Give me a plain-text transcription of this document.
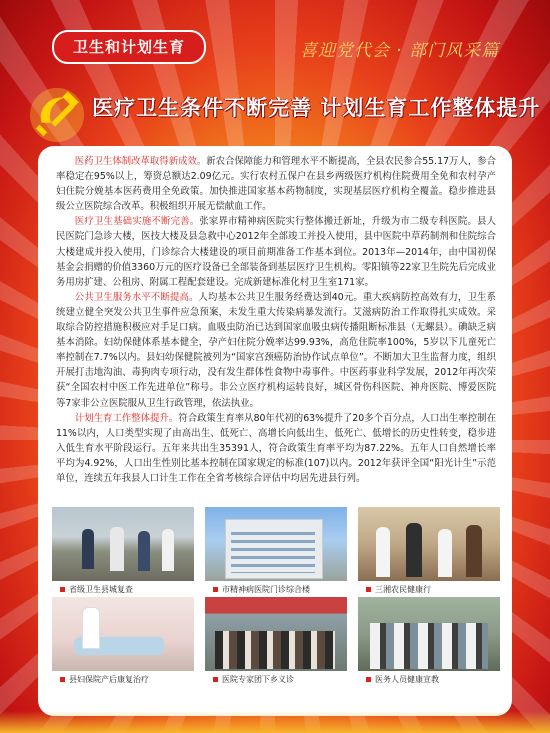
卫生和计划生育	喜迎党代会 · 部门风采篇
医疗卫生条件不断完善 计划生育工作整体提升

医药卫生体制改革取得新成效。新农合保障能力和管理水平不断提高，全县农民参合55.17万人，参合率稳定在95%以上，筹资总额达2.09亿元。实行农村五保户在县乡两级医疗机构住院费用全免和农村孕产妇住院分娩基本医药费用全免政策。加快推进国家基本药物制度，实现基层医疗机构全覆盖。稳步推进县级公立医院综合改革。积极组织开展无偿献血工作。

医疗卫生基础实施不断完善。张家界市精神病医院实行整体搬迁新址，升级为市二级专科医院。县人民医院门急诊大楼，医技大楼及县急救中心2012年全部竣工并投入使用，县中医院中草药制剂和住院综合大楼建成并投入使用，门诊综合大楼建设的项目前期准备工作基本到位。2013年—2014年，由中国初保基金会捐赠的价值3360万元的医疗设备已全部装备到基层医疗卫生机构。零阳镇等22家卫生院先后完成业务用房扩建、公租房、附属工程配套建设。完成新建标准化村卫生室171家。

公共卫生服务水平不断提高。人均基本公共卫生服务经费达到40元。重大疾病防控高效有力，卫生系统建立健全突发公共卫生事件应急预案，未发生重大传染病暴发流行。艾滋病防治工作取得扎实成效。采取综合防控措施积极应对手足口病。血吸虫防治已达到国家血吸虫病传播阻断标准县（无螺县）。碘缺乏病基本消除。妇幼保健体系基本健全，孕产妇住院分娩率达99.93%，高危住院率100%，5岁以下儿童死亡率控制在7.7%以内。县妇幼保健院被列为“国家宫颈癌防治协作试点单位”。不断加大卫生监督力度，组织开展打击地沟油、毒狗肉专项行动，没有发生群体性食物中毒事件。中医药事业科学发展，2012年再次荣获“全国农村中医工作先进单位”称号。非公立医疗机构运转良好，城区骨伤科医院、神舟医院、博爱医院等7家非公立医院服从卫生行政管理，依法执业。

计划生育工作整体提升。符合政策生育率从80年代初的63%提升了20多个百分点，人口出生率控制在11%以内，人口类型实现了由高出生、低死亡、高增长向低出生、低死亡、低增长的历史性转变，稳步进入低生育水平阶段运行。五年来共出生35391人，符合政策生育率平均为87.22%。五年人口自然增长率平均为4.92%，人口出生性别比基本控制在国家规定的标准(107)以内。2012年获评全国“阳光计生”示范单位，连续五年我县人口计生工作在全省考核综合评估中均居先进县行列。

省级卫生县城复查	市精神病医院门诊综合楼	三湘农民健康行
县妇保院产后康复治疗	医院专家团下乡义诊	医务人员健康宣教
